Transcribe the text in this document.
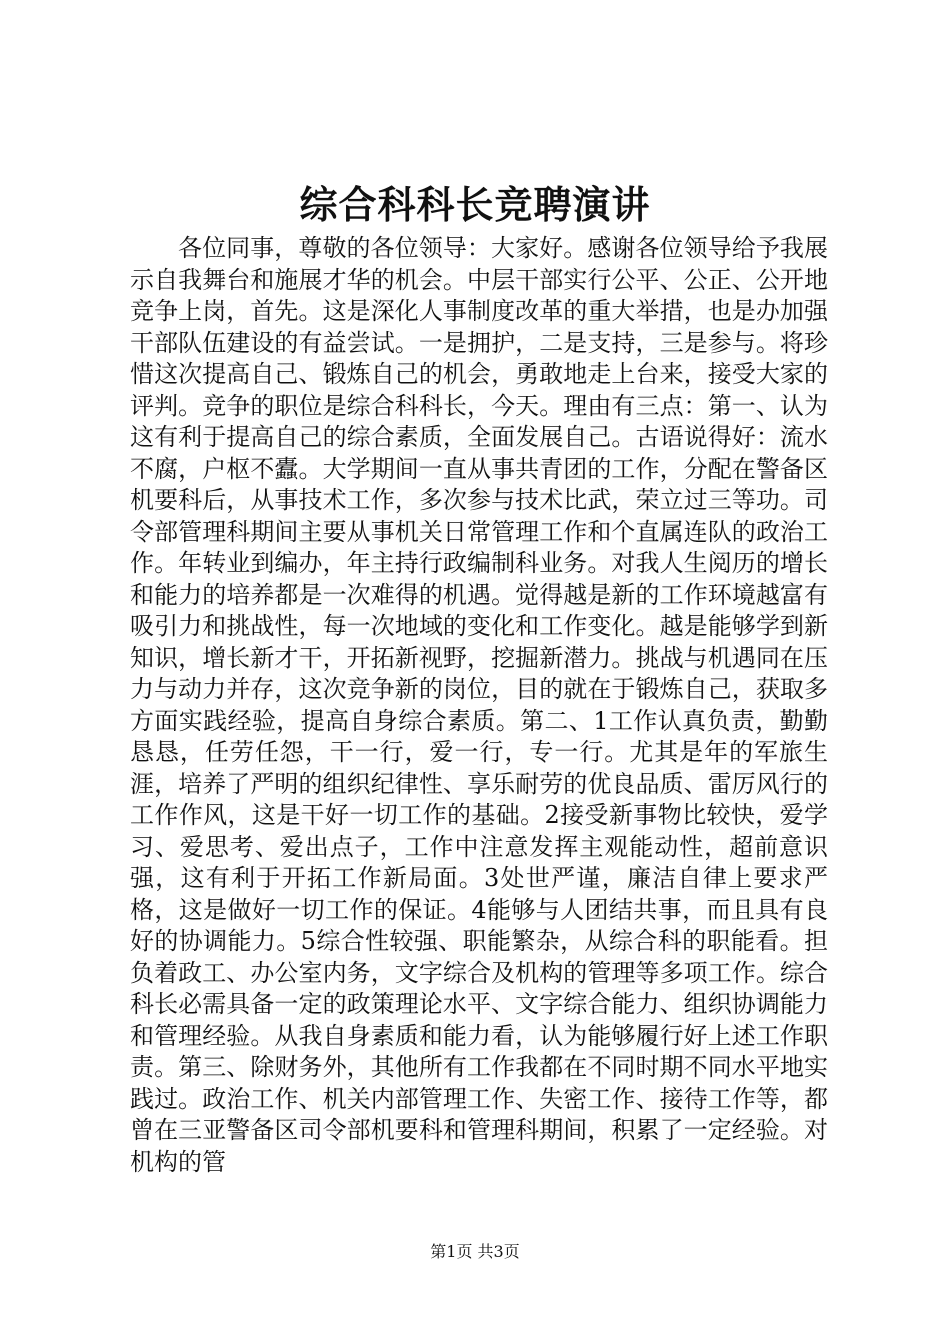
综合科科长竞聘演讲

各位同事，尊敬的各位领导：大家好。感谢各位领导给予我展示自我舞台和施展才华的机会。中层干部实行公平、公正、公开地竞争上岗，首先。这是深化人事制度改革的重大举措，也是办加强干部队伍建设的有益尝试。一是拥护，二是支持，三是参与。将珍惜这次提高自己、锻炼自己的机会，勇敢地走上台来，接受大家的评判。竞争的职位是综合科科长，今天。理由有三点：第一、认为这有利于提高自己的综合素质，全面发展自己。古语说得好：流水不腐，户枢不蠹。大学期间一直从事共青团的工作，分配在警备区机要科后，从事技术工作，多次参与技术比武，荣立过三等功。司令部管理科期间主要从事机关日常管理工作和个直属连队的政治工作。年转业到编办，年主持行政编制科业务。对我人生阅历的增长和能力的培养都是一次难得的机遇。觉得越是新的工作环境越富有吸引力和挑战性，每一次地域的变化和工作变化。越是能够学到新知识，增长新才干，开拓新视野，挖掘新潜力。挑战与机遇同在压力与动力并存，这次竞争新的岗位，目的就在于锻炼自己，获取多方面实践经验，提高自身综合素质。第二、1工作认真负责，勤勤恳恳，任劳任怨，干一行，爱一行，专一行。尤其是年的军旅生涯，培养了严明的组织纪律性、享乐耐劳的优良品质、雷厉风行的工作作风，这是干好一切工作的基础。2接受新事物比较快，爱学习、爱思考、爱出点子，工作中注意发挥主观能动性，超前意识强，这有利于开拓工作新局面。3处世严谨，廉洁自律上要求严格，这是做好一切工作的保证。4能够与人团结共事，而且具有良好的协调能力。5综合性较强、职能繁杂，从综合科的职能看。担负着政工、办公室内务，文字综合及机构的管理等多项工作。综合科长必需具备一定的政策理论水平、文字综合能力、组织协调能力和管理经验。从我自身素质和能力看，认为能够履行好上述工作职责。第三、除财务外，其他所有工作我都在不同时期不同水平地实践过。政治工作、机关内部管理工作、失密工作、接待工作等，都曾在三亚警备区司令部机要科和管理科期间，积累了一定经验。对机构的管

第1页 共3页
